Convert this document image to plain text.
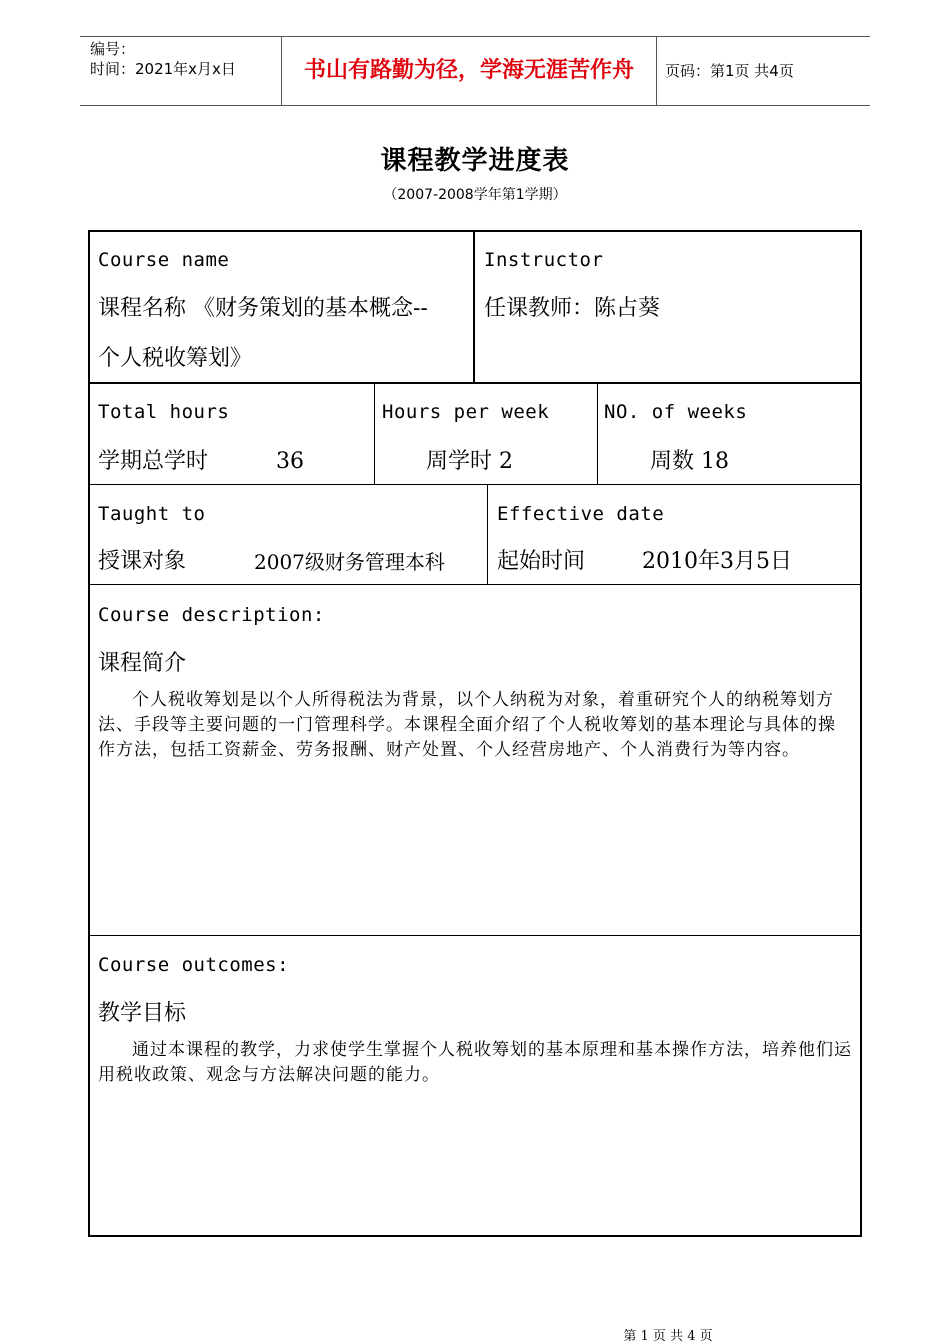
编号：
时间：2021年x月x日	书山有路勤为径，学海无涯苦作舟	页码：第1页 共4页
课程教学进度表
（2007-2008学年第1学期）
Course name
课程名称 《财务策划的基本概念--
个人税收筹划》
Instructor
任课教师：陈占葵
Total hours
学期总学时	36
Hours per week
周学时 2
NO. of weeks
周数 18
Taught to
授课对象	2007级财务管理本科
Effective date
起始时间	2010年3月5日
Course description:
课程简介
个人税收筹划是以个人所得税法为背景，以个人纳税为对象，着重研究个人的纳税筹划方法、手段等主要问题的一门管理科学。本课程全面介绍了个人税收筹划的基本理论与具体的操作方法，包括工资薪金、劳务报酬、财产处置、个人经营房地产、个人消费行为等内容。
Course outcomes:
教学目标
通过本课程的教学，力求使学生掌握个人税收筹划的基本原理和基本操作方法，培养他们运用税收政策、观念与方法解决问题的能力。
第 1 页 共 4 页
